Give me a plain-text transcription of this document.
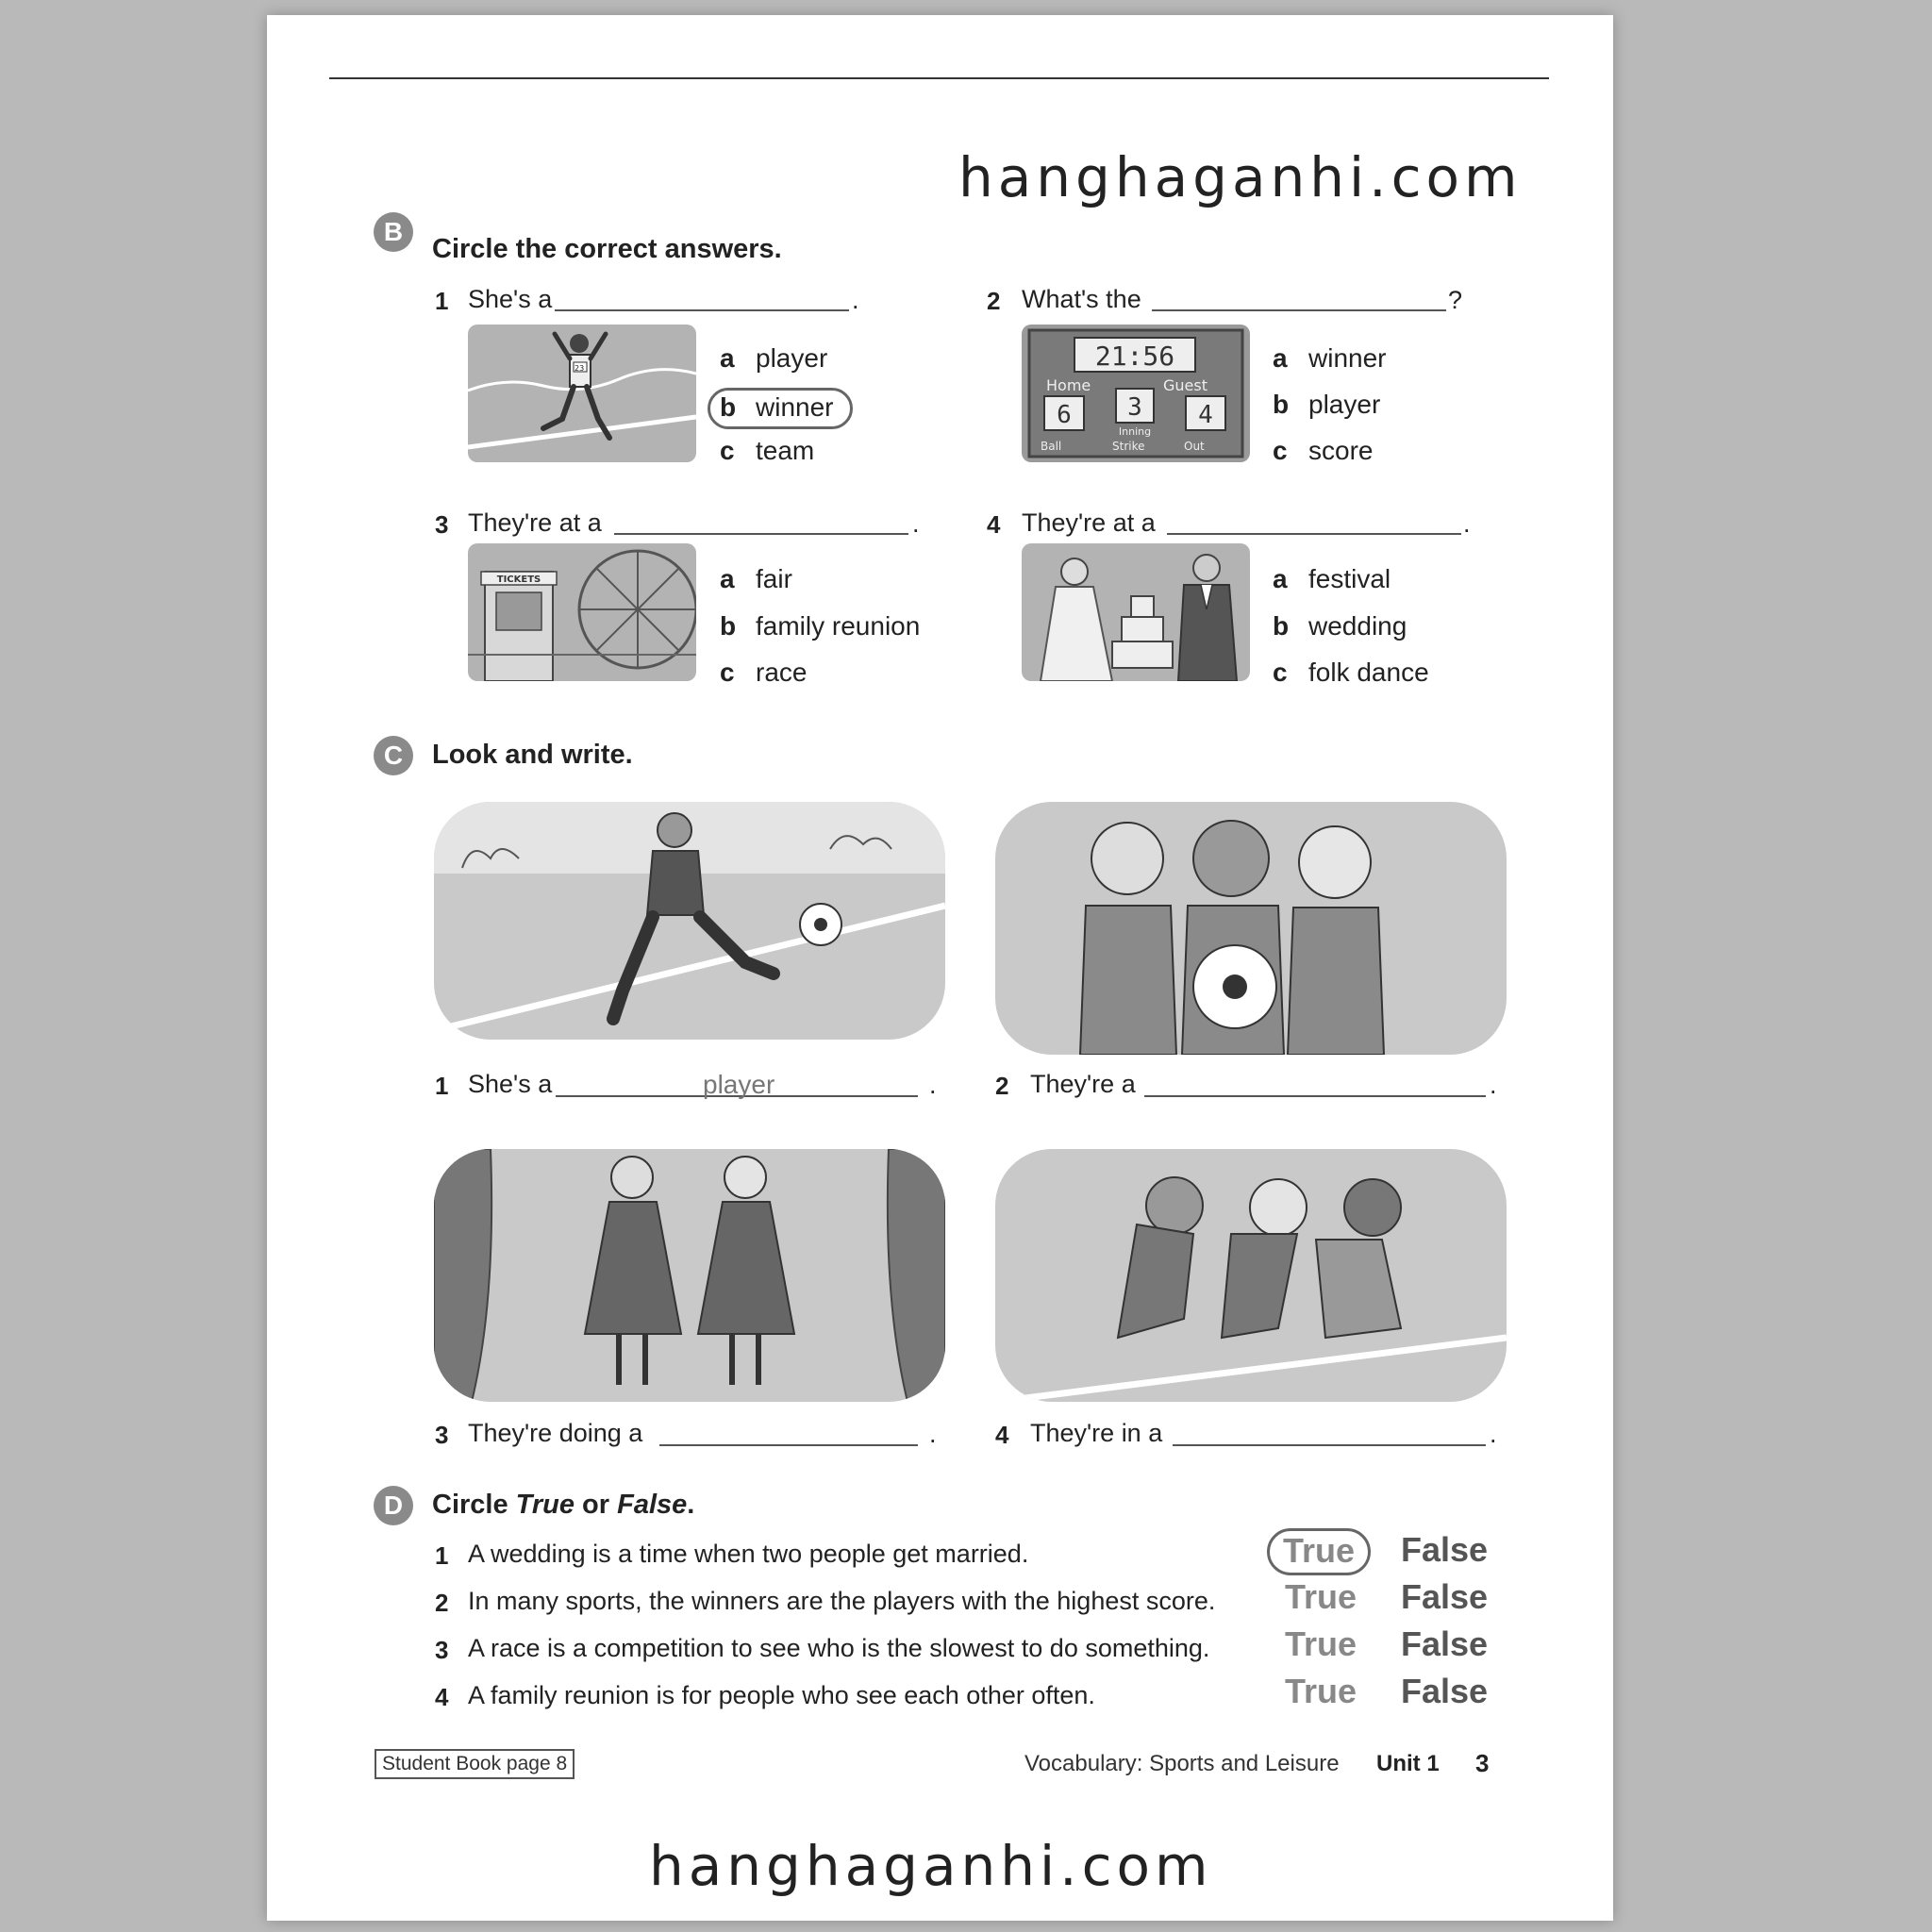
hanghaganhi.com
B
Circle the correct answers.
1 She's a	.
23	a player
b winner
c team
2 What's the	?
21:56
Home	Guest
6 3
Inning
4
Ball	Strike	Out
a winner
b player
c score
3 They're at a	.
TICKETS	a fair
b family reunion
c race
4 They're at a	.
a festival
b wedding
c folk dance
C	Look and write.
1 She's a	player	. 2 They're a	.
3 They're doing a	. 4 They're in a	.
D	Circle True or False.
1 A wedding is a time when two people get married.	True	False
2 In many sports, the winners are the players with the highest score. True False
3 A race is a competition to see who is the slowest to do something. True False
4 A family reunion is for people who see each other often.	True False
Student Book page 8	Vocabulary: Sports and Leisure Unit 1 3
hanghaganhi.com
